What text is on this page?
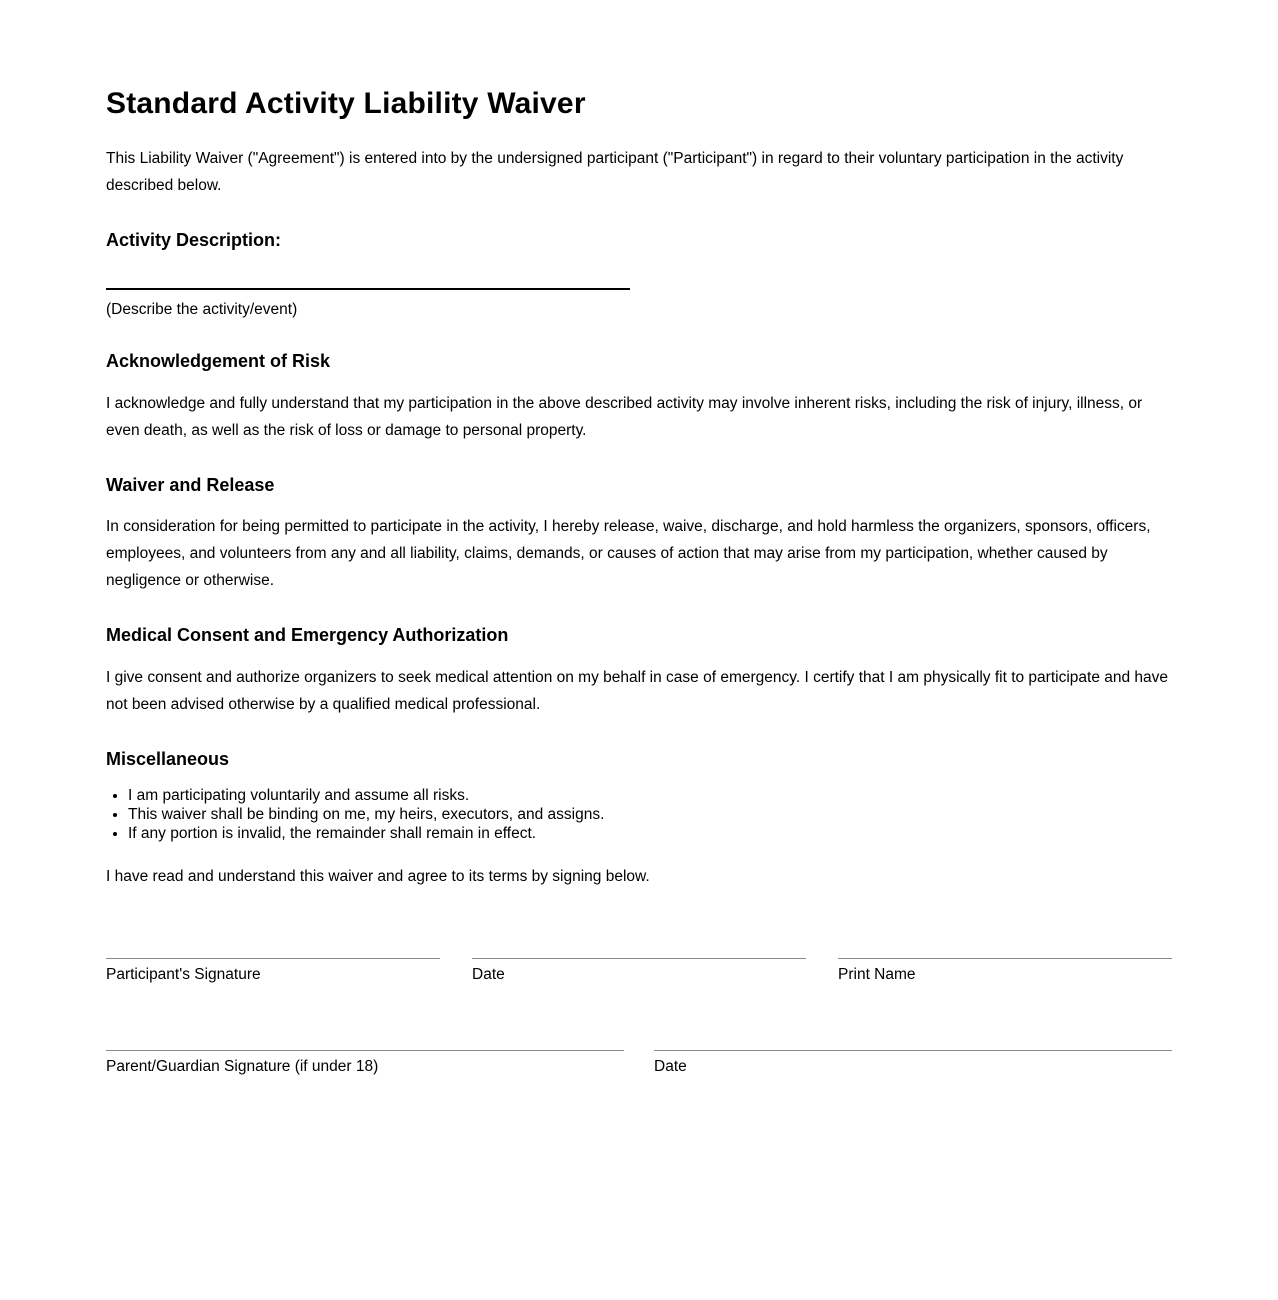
Standard Activity Liability Waiver

This Liability Waiver ("Agreement") is entered into by the undersigned participant ("Participant") in regard to their voluntary participation in the activity described below.

Activity Description:

(Describe the activity/event)

Acknowledgement of Risk

I acknowledge and fully understand that my participation in the above described activity may involve inherent risks, including the risk of injury, illness, or even death, as well as the risk of loss or damage to personal property.

Waiver and Release

In consideration for being permitted to participate in the activity, I hereby release, waive, discharge, and hold harmless the organizers, sponsors, officers, employees, and volunteers from any and all liability, claims, demands, or causes of action that may arise from my participation, whether caused by negligence or otherwise.

Medical Consent and Emergency Authorization

I give consent and authorize organizers to seek medical attention on my behalf in case of emergency. I certify that I am physically fit to participate and have not been advised otherwise by a qualified medical professional.

Miscellaneous
• I am participating voluntarily and assume all risks.
• This waiver shall be binding on me, my heirs, executors, and assigns.
• If any portion is invalid, the remainder shall remain in effect.

I have read and understand this waiver and agree to its terms by signing below.

Participant's Signature	Date	Print Name
Parent/Guardian Signature (if under 18)	Date
